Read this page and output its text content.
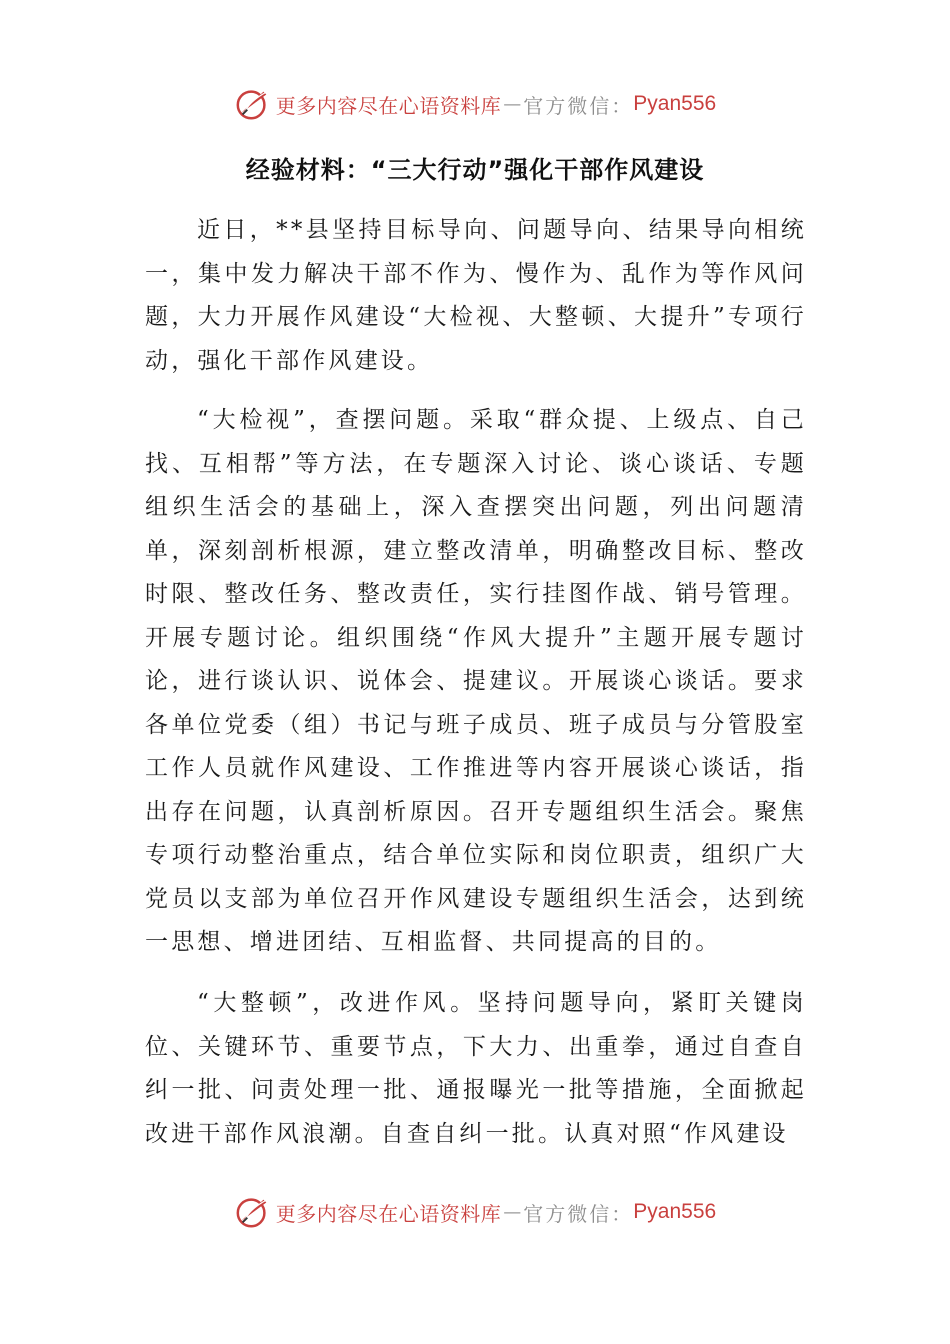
更多内容尽在心语资料库 — 官方微信： Pyan556
经验材料：“三大行动”强化干部作风建设

近日，**县坚持目标导向、问题导向、结果导向相统一，集中发力解决干部不作为、慢作为、乱作为等作风问题，大力开展作风建设“大检视、大整顿、大提升”专项行动，强化干部作风建设。

“大检视”，查摆问题。采取“群众提、上级点、自己找、互相帮”等方法，在专题深入讨论、谈心谈话、专题组织生活会的基础上，深入查摆突出问题，列出问题清单，深刻剖析根源，建立整改清单，明确整改目标、整改时限、整改任务、整改责任，实行挂图作战、销号管理。开展专题讨论。组织围绕“作风大提升”主题开展专题讨论，进行谈认识、说体会、提建议。开展谈心谈话。要求各单位党委（组）书记与班子成员、班子成员与分管股室工作人员就作风建设、工作推进等内容开展谈心谈话，指出存在问题，认真剖析原因。召开专题组织生活会。聚焦专项行动整治重点，结合单位实际和岗位职责，组织广大党员以支部为单位召开作风建设专题组织生活会，达到统一思想、增进团结、互相监督、共同提高的目的。

“大整顿”，改进作风。坚持问题导向，紧盯关键岗位、关键环节、重要节点，下大力、出重拳，通过自查自纠一批、问责处理一批、通报曝光一批等措施，全面掀起改进干部作风浪潮。自查自纠一批。认真对照“作风建设

更多内容尽在心语资料库 — 官方微信： Pyan556
